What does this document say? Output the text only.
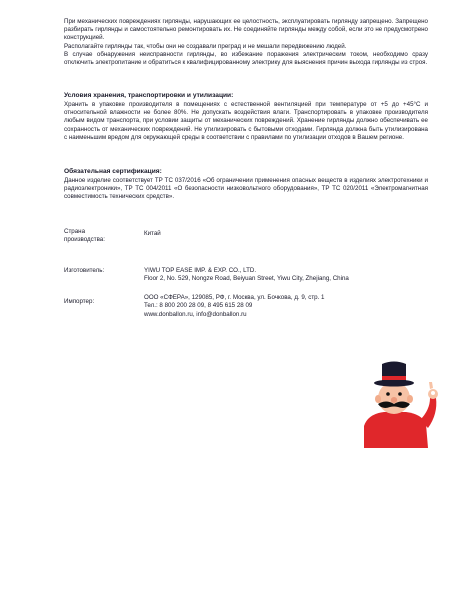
При механических повреждениях гирлянды, нарушающих ее целостность, эксплуатировать гирлянду запрещено. Запрещено разбирать гирлянды и самостоятельно ремонтировать их. Не соединяйте гирлянды между собой, если это не предусмотрено конструкцией.

Располагайте гирлянды так, чтобы они не создавали преград и не мешали передвижению людей.

В случае обнаружения неисправности гирлянды, во избежание поражения электрическим током, необходимо сразу отключить электропитание и обратиться к квалифицированному электрику для выяснения причин выхода гирлянды из строя.

Условия хранения, транспортировки и утилизации:
Хранить в упаковке производителя в помещениях с естественной вентиляцией при температуре от +5 до +45°C и относительной влажности не более 80%. Не допускать воздействия влаги. Транспортировать в упаковке производителя любым видом транспорта, при условии защиты от механических повреждений. Хранение гирлянды должно обеспечивать ее сохранность от механических повреждений. Не утилизировать с бытовыми отходами. Гирлянда должна быть утилизирована с наименьшим вредом для окружающей среды в соответствии с правилами по утилизации отходов в Вашем регионе.
Обязательная сертификация:
Данное изделие соответствует ТР ТС 037/2016 «Об ограничении применения опасных веществ в изделиях электротехники и радиоэлектроники», ТР ТС 004/2011 «О безопасности низковольтного оборудования», ТР ТС 020/2011 «Электромагнитная совместимость технических средств».
Страна
производства:
Китай
Изготовитель:	YIWU TOP EASE IMP. & EXP. CO., LTD.
Floor 2, No. 529, Nongze Road, Beiyuan Street, Yiwu City, Zhejiang, China
Импортер:
ООО «СФЕРА», 129085, РФ, г. Москва, ул. Бочкова, д. 9, стр. 1
Тел.: 8 800 200 28 09, 8 495 615 28 09
www.donballon.ru, info@donballon.ru
